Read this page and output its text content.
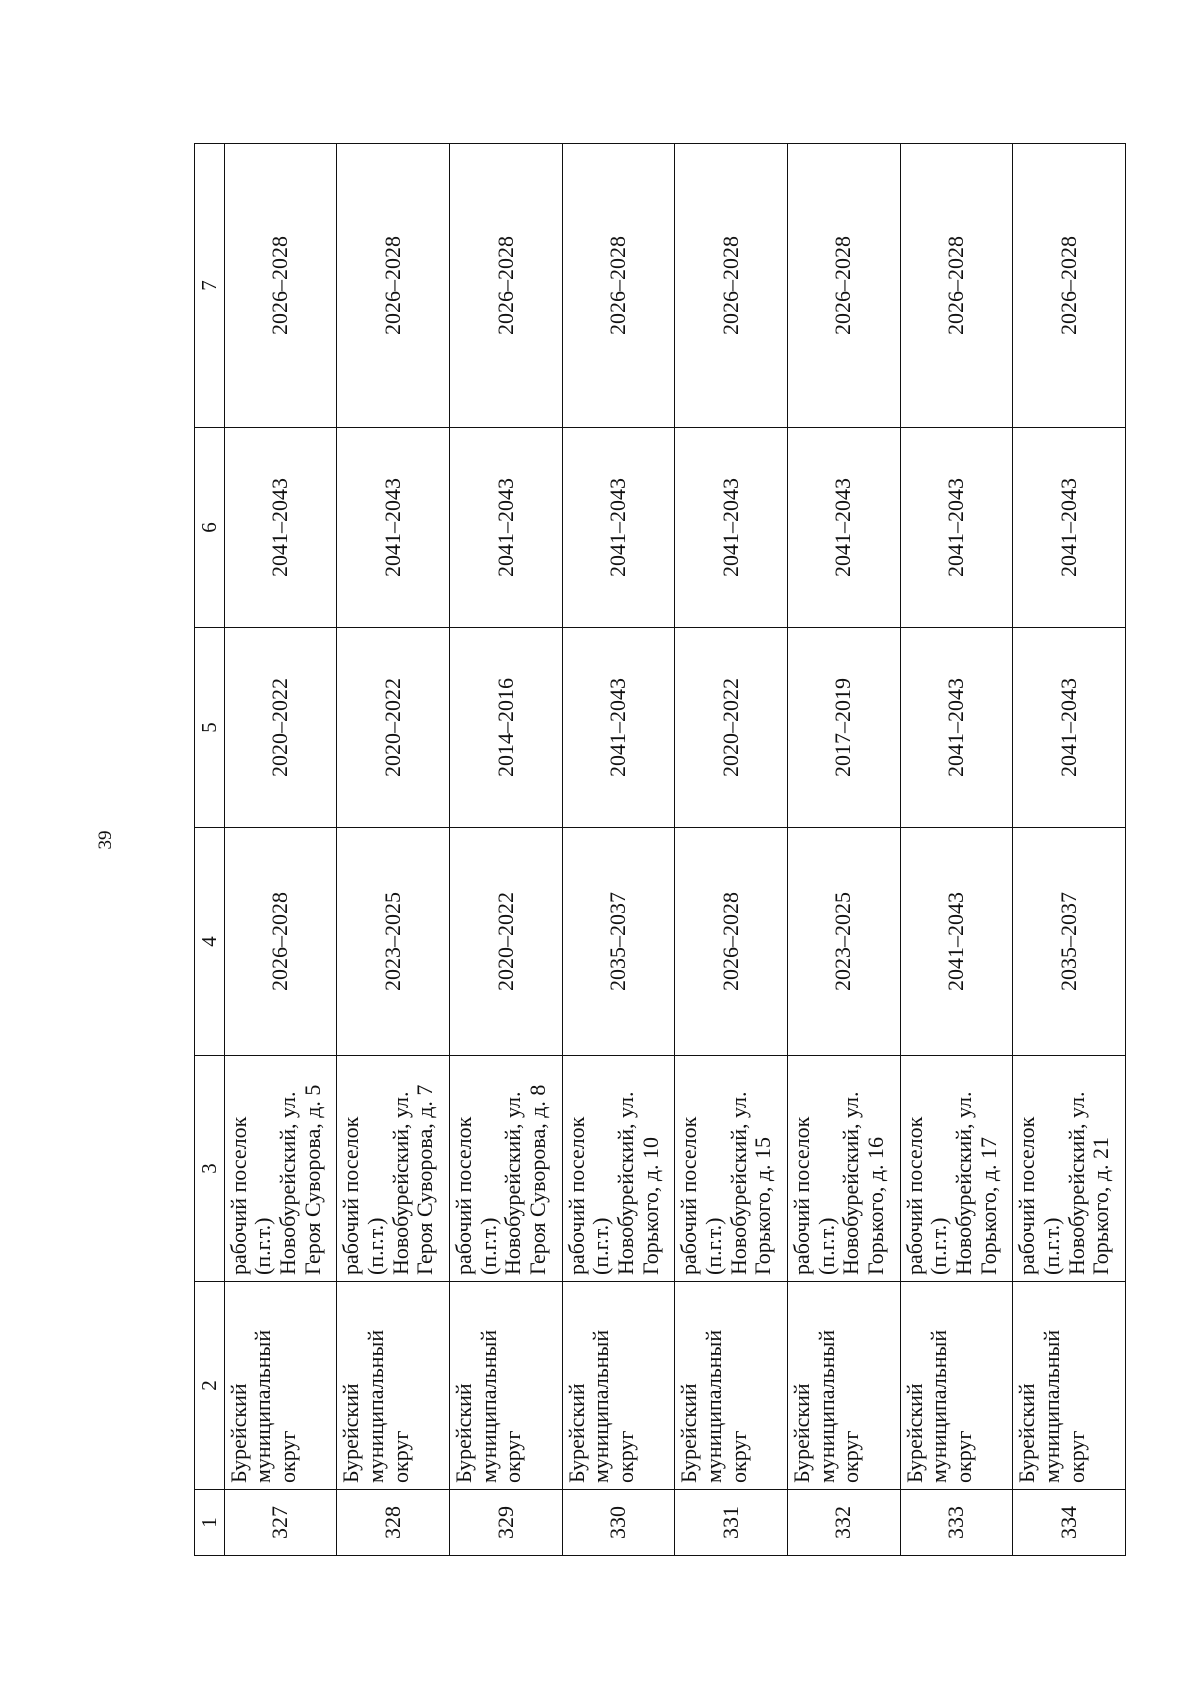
39
1	2	3	4	5	6	7
327	Бурейский муниципальный округ	рабочий поселок (п.г.т.) Новобурейский, ул. Героя Суворова, д. 5	2026–2028	2020–2022	2041–2043	2026–2028
328	Бурейский муниципальный округ	рабочий поселок (п.г.т.) Новобурейский, ул. Героя Суворова, д. 7	2023–2025	2020–2022	2041–2043	2026–2028
329	Бурейский муниципальный округ	рабочий поселок (п.г.т.) Новобурейский, ул. Героя Суворова, д. 8	2020–2022	2014–2016	2041–2043	2026–2028
330	Бурейский муниципальный округ	рабочий поселок (п.г.т.) Новобурейский, ул. Горького, д. 10	2035–2037	2041–2043	2041–2043	2026–2028
331	Бурейский муниципальный округ	рабочий поселок (п.г.т.) Новобурейский, ул. Горького, д. 15	2026–2028	2020–2022	2041–2043	2026–2028
332	Бурейский муниципальный округ	рабочий поселок (п.г.т.) Новобурейский, ул. Горького, д. 16	2023–2025	2017–2019	2041–2043	2026–2028
333	Бурейский муниципальный округ	рабочий поселок (п.г.т.) Новобурейский, ул. Горького, д. 17	2041–2043	2041–2043	2041–2043	2026–2028
334	Бурейский муниципальный округ	рабочий поселок (п.г.т.) Новобурейский, ул. Горького, д. 21	2035–2037	2041–2043	2041–2043	2026–2028
